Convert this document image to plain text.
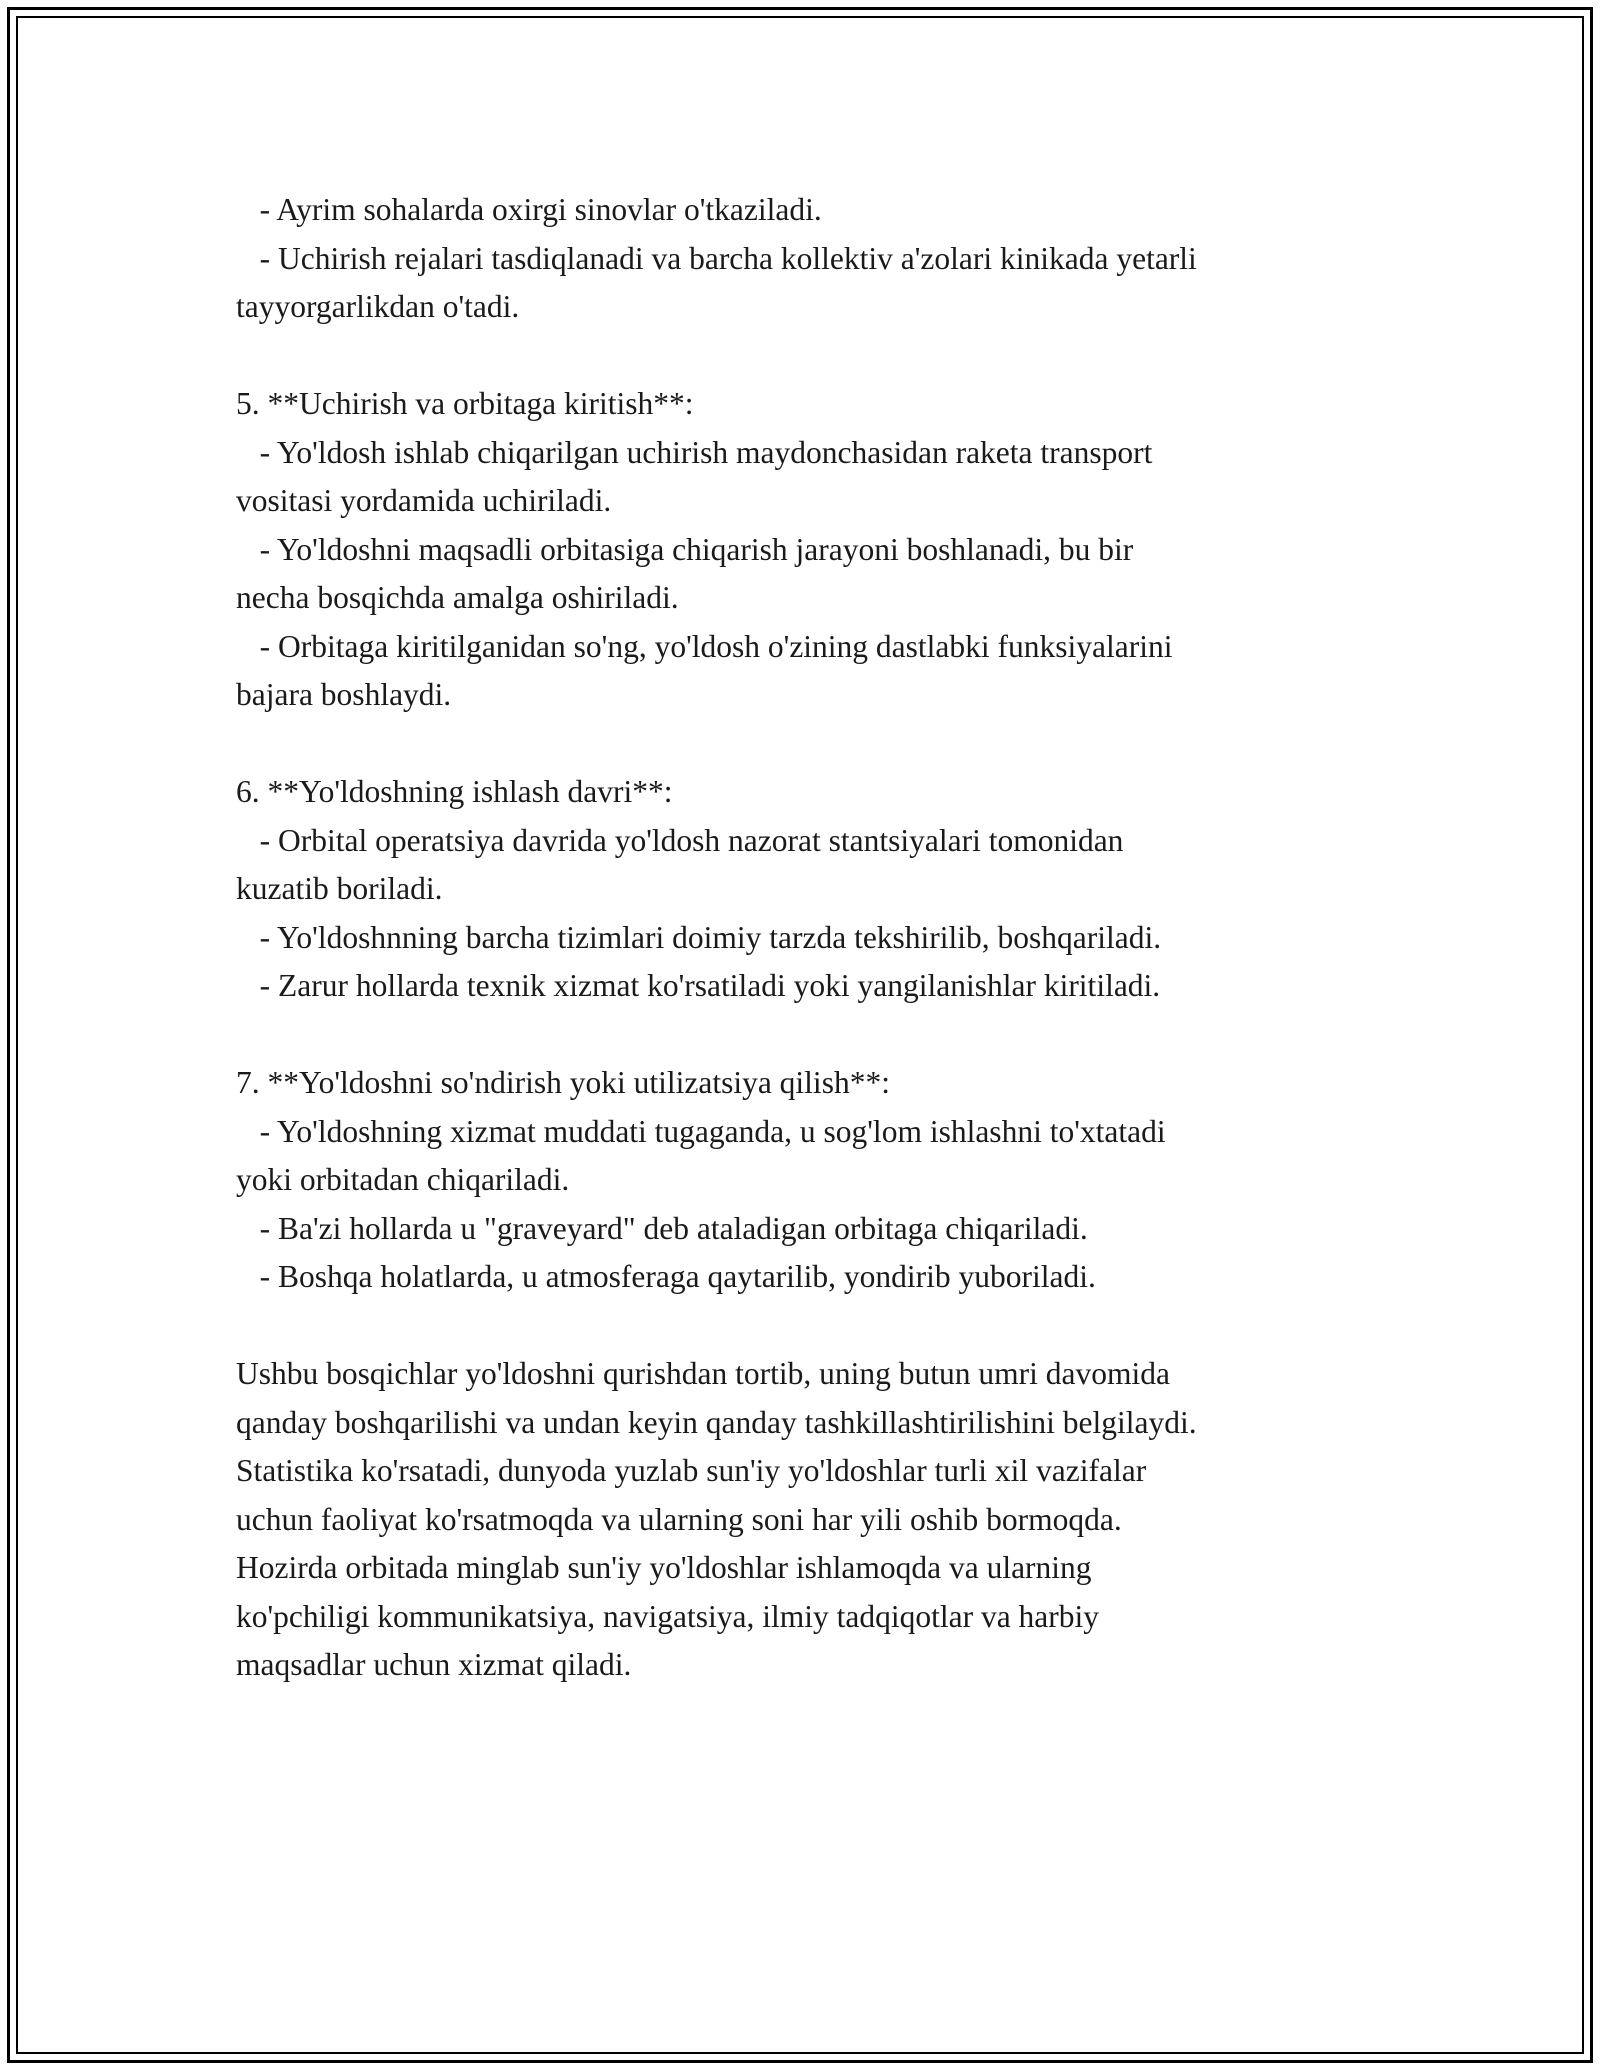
- Ayrim sohalarda oxirgi sinovlar o'tkaziladi.
- Uchirish rejalari tasdiqlanadi va barcha kollektiv a'zolari kinikada yetarli
tayyorgarlikdan o'tadi.
5. **Uchirish va orbitaga kiritish**:
- Yo'ldosh ishlab chiqarilgan uchirish maydonchasidan raketa transport
vositasi yordamida uchiriladi.
- Yo'ldoshni maqsadli orbitasiga chiqarish jarayoni boshlanadi, bu bir
necha bosqichda amalga oshiriladi.
- Orbitaga kiritilganidan so'ng, yo'ldosh o'zining dastlabki funksiyalarini
bajara boshlaydi.
6. **Yo'ldoshning ishlash davri**:
- Orbital operatsiya davrida yo'ldosh nazorat stantsiyalari tomonidan
kuzatib boriladi.
- Yo'ldoshnning barcha tizimlari doimiy tarzda tekshirilib, boshqariladi.
- Zarur hollarda texnik xizmat ko'rsatiladi yoki yangilanishlar kiritiladi.
7. **Yo'ldoshni so'ndirish yoki utilizatsiya qilish**:
- Yo'ldoshning xizmat muddati tugaganda, u sog'lom ishlashni to'xtatadi
yoki orbitadan chiqariladi.
- Ba'zi hollarda u "graveyard" deb ataladigan orbitaga chiqariladi.
- Boshqa holatlarda, u atmosferaga qaytarilib, yondirib yuboriladi.
Ushbu bosqichlar yo'ldoshni qurishdan tortib, uning butun umri davomida
qanday boshqarilishi va undan keyin qanday tashkillashtirilishini belgilaydi.
Statistika ko'rsatadi, dunyoda yuzlab sun'iy yo'ldoshlar turli xil vazifalar
uchun faoliyat ko'rsatmoqda va ularning soni har yili oshib bormoqda.
Hozirda orbitada minglab sun'iy yo'ldoshlar ishlamoqda va ularning
ko'pchiligi kommunikatsiya, navigatsiya, ilmiy tadqiqotlar va harbiy
maqsadlar uchun xizmat qiladi.
